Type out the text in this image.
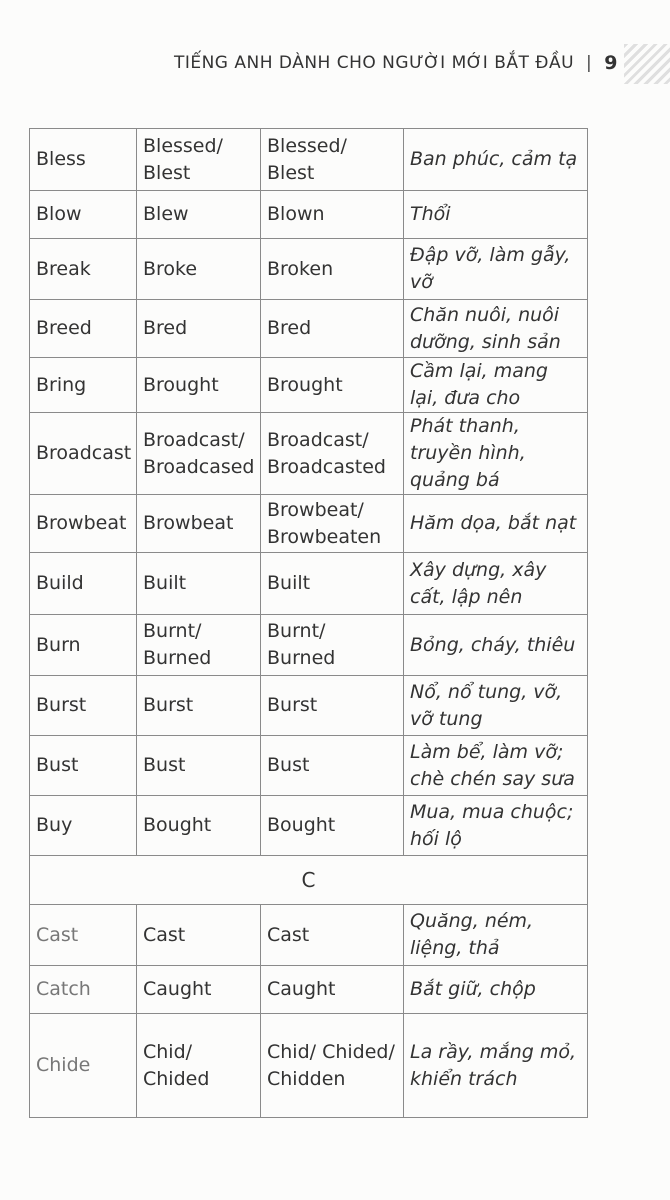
TIẾNG ANH DÀNH CHO NGƯỜI MỚI BẮT ĐẦU | 9
Bless	Blessed/ Blest	Blessed/ Blest	Ban phúc, cảm tạ
Blow	Blew	Blown	Thổi
Break	Broke	Broken	Đập vỡ, làm gẫy, vỡ
Breed	Bred	Bred	Chăn nuôi, nuôi dưỡng, sinh sản
Bring	Brought	Brought	Cầm lại, mang lại, đưa cho
Broadcast	Broadcast/ Broadcased	Broadcast/ Broadcasted	Phát thanh, truyền hình, quảng bá
Browbeat	Browbeat	Browbeat/ Browbeaten	Hăm dọa, bắt nạt
Build	Built	Built	Xây dựng, xây cất, lập nên
Burn	Burnt/ Burned	Burnt/ Burned	Bỏng, cháy, thiêu
Burst	Burst	Burst	Nổ, nổ tung, vỡ, vỡ tung
Bust	Bust	Bust	Làm bể, làm vỡ; chè chén say sưa
Buy	Bought	Bought	Mua, mua chuộc; hối lộ
C			
Cast	Cast	Cast	Quăng, ném, liệng, thả
Catch	Caught	Caught	Bắt giữ, chộp
Chide	Chid/ Chided	Chid/ Chided/ Chidden	La rầy, mắng mỏ, khiển trách
